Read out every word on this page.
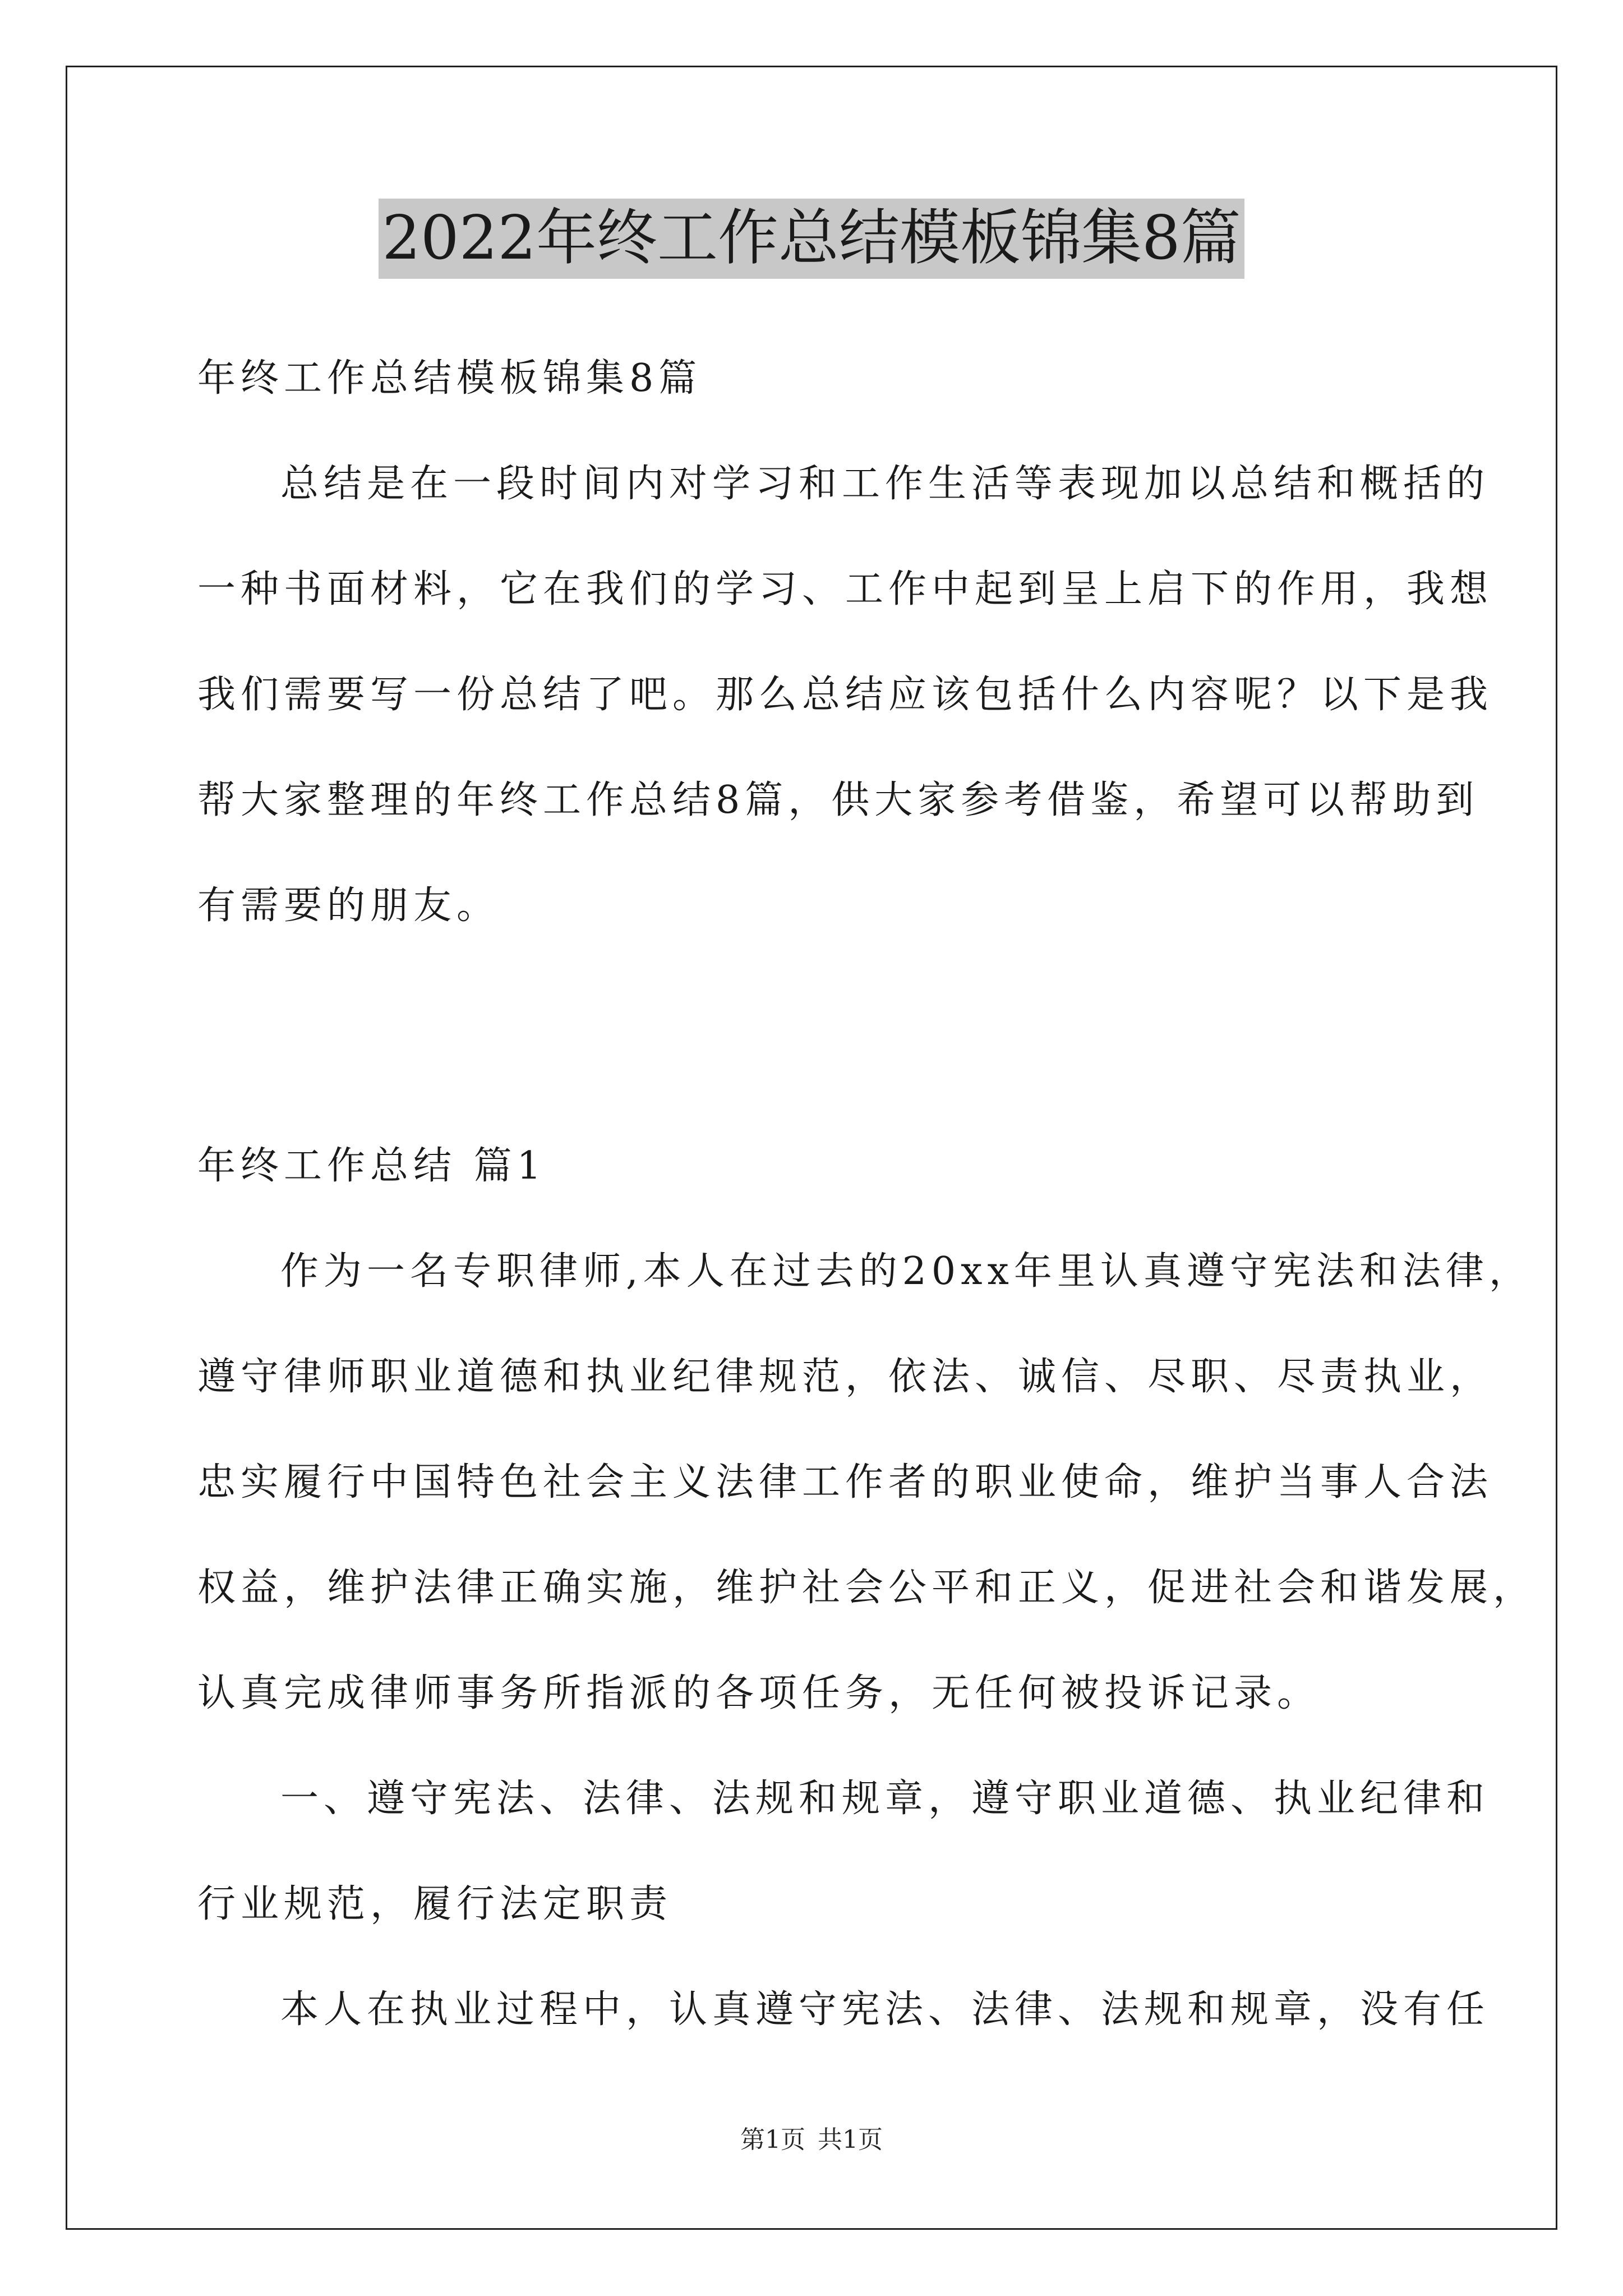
2022年终工作总结模板锦集8篇
年终工作总结模板锦集8篇
总结是在一段时间内对学习和工作生活等表现加以总结和概括的
一种书面材料，它在我们的学习、工作中起到呈上启下的作用，我想
我们需要写一份总结了吧。那么总结应该包括什么内容呢？以下是我
帮大家整理的年终工作总结8篇，供大家参考借鉴，希望可以帮助到
有需要的朋友。
年终工作总结 篇1
作为一名专职律师,本人在过去的20xx年里认真遵守宪法和法律，
遵守律师职业道德和执业纪律规范，依法、诚信、尽职、尽责执业，
忠实履行中国特色社会主义法律工作者的职业使命，维护当事人合法
权益，维护法律正确实施，维护社会公平和正义，促进社会和谐发展，
认真完成律师事务所指派的各项任务，无任何被投诉记录。
一、遵守宪法、法律、法规和规章，遵守职业道德、执业纪律和
行业规范，履行法定职责
本人在执业过程中，认真遵守宪法、法律、法规和规章，没有任
第1页 共1页
